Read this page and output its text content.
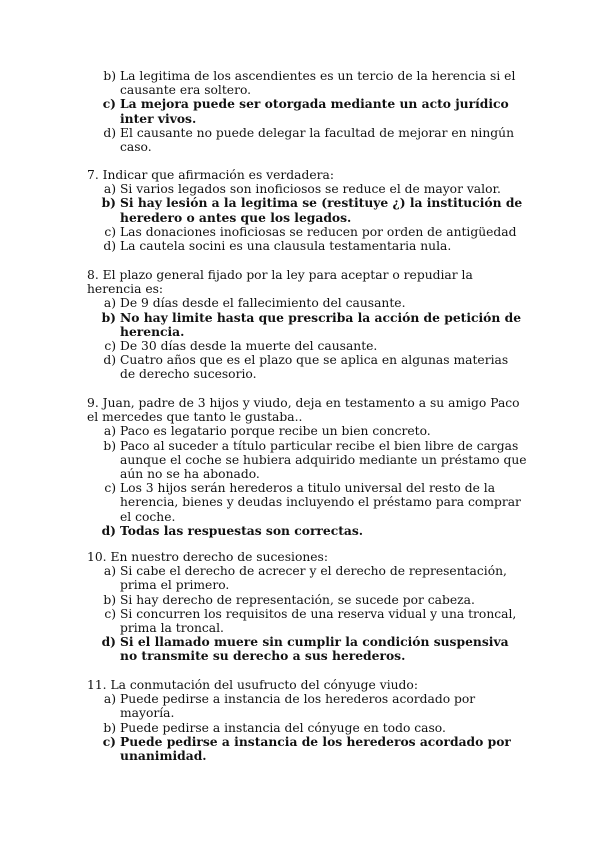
b) La legitima de los ascendientes es un tercio de la herencia si el causante era soltero.
c) La mejora puede ser otorgada mediante un acto jurídico inter vivos.
d) El causante no puede delegar la facultad de mejorar en ningún caso.

7. Indicar que afirmación es verdadera:

a) Si varios legados son inoficiosos se reduce el de mayor valor.
b) Si hay lesión a la legitima se (restituye ¿) la institución de heredero o antes que los legados.
c) Las donaciones inoficiosas se reducen por orden de antigüedad
d) La cautela socini es una clausula testamentaria nula.

8. El plazo general fijado por la ley para aceptar o repudiar la herencia es:

a) De 9 días desde el fallecimiento del causante.
b) No hay limite hasta que prescriba la acción de petición de herencia.
c) De 30 días desde la muerte del causante.
d) Cuatro años que es el plazo que se aplica en algunas materias de derecho sucesorio.

9. Juan, padre de 3 hijos y viudo, deja en testamento a su amigo Paco el mercedes que tanto le gustaba..

a) Paco es legatario porque recibe un bien concreto.
b) Paco al suceder a título particular recibe el bien libre de cargas aunque el coche se hubiera adquirido mediante un préstamo que aún no se ha abonado.
c) Los 3 hijos serán herederos a titulo universal del resto de la herencia, bienes y deudas incluyendo el préstamo para comprar el coche.
d) Todas las respuestas son correctas.

10. En nuestro derecho de sucesiones:

a) Si cabe el derecho de acrecer y el derecho de representación, prima el primero.
b) Si hay derecho de representación, se sucede por cabeza.
c) Si concurren los requisitos de una reserva vidual y una troncal, prima la troncal.
d) Si el llamado muere sin cumplir la condición suspensiva no transmite su derecho a sus herederos.

11. La conmutación del usufructo del cónyuge viudo:

a) Puede pedirse a instancia de los herederos acordado por mayoría.
b) Puede pedirse a instancia del cónyuge en todo caso.
c) Puede pedirse a instancia de los herederos acordado por unanimidad.
